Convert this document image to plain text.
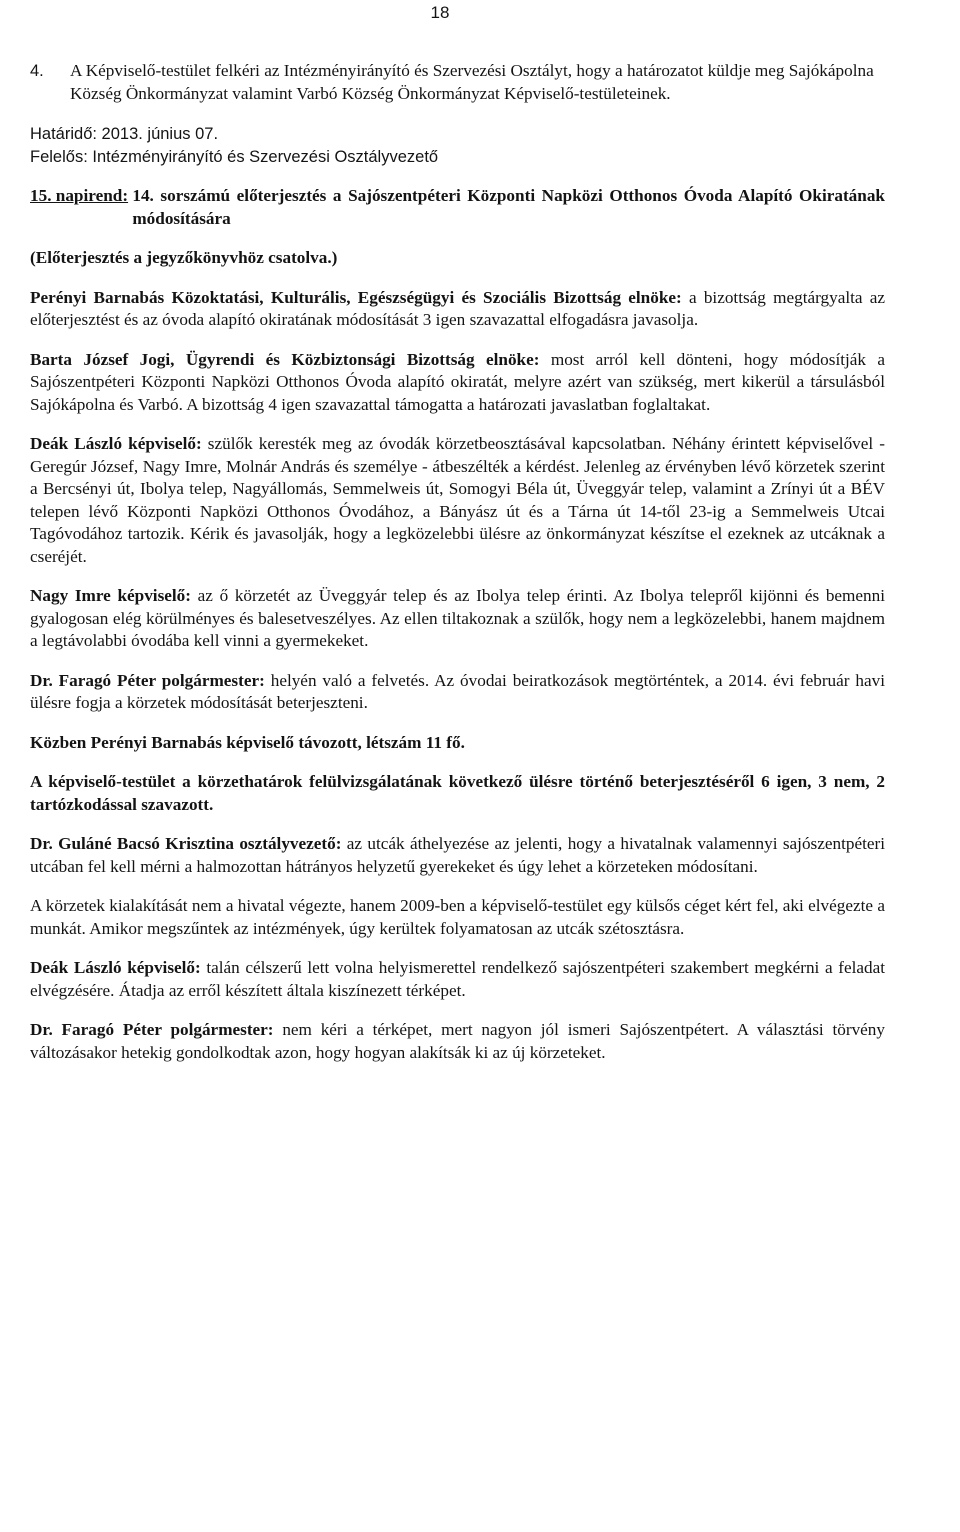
18
4.	A Képviselő-testület felkéri az Intézményirányító és Szervezési Osztályt, hogy a határozatot küldje meg Sajókápolna Község Önkormányzat valamint Varbó Község Önkormányzat Képviselő-testületeinek.

Határidő: 2013. június 07.

Felelős: Intézményirányító és Szervezési Osztályvezető

15. napirend: 14. sorszámú előterjesztés a Sajószentpéteri Központi Napközi Otthonos Óvoda Alapító Okiratának módosítására

(Előterjesztés a jegyzőkönyvhöz csatolva.)

Perényi Barnabás Közoktatási, Kulturális, Egészségügyi és Szociális Bizottság elnöke: a bizottság megtárgyalta az előterjesztést és az óvoda alapító okiratának módosítását 3 igen szavazattal elfogadásra javasolja.

Barta József Jogi, Ügyrendi és Közbiztonsági Bizottság elnöke: most arról kell dönteni, hogy módosítják a Sajószentpéteri Központi Napközi Otthonos Óvoda alapító okiratát, melyre azért van szükség, mert kikerül a társulásból Sajókápolna és Varbó. A bizottság 4 igen szavazattal támogatta a határozati javaslatban foglaltakat.

Deák László képviselő: szülők keresték meg az óvodák körzetbeosztásával kapcsolatban. Néhány érintett képviselővel - Geregúr József, Nagy Imre, Molnár András és személye - átbeszélték a kérdést. Jelenleg az érvényben lévő körzetek szerint a Bercsényi út, Ibolya telep, Nagyállomás, Semmelweis út, Somogyi Béla út, Üveggyár telep, valamint a Zrínyi út a BÉV telepen lévő Központi Napközi Otthonos Óvodához, a Bányász út és a Tárna út 14-től 23-ig a Semmelweis Utcai Tagóvodához tartozik. Kérik és javasolják, hogy a legközelebbi ülésre az önkormányzat készítse el ezeknek az utcáknak a cseréjét.

Nagy Imre képviselő: az ő körzetét az Üveggyár telep és az Ibolya telep érinti. Az Ibolya telepről kijönni és bemenni gyalogosan elég körülményes és balesetveszélyes. Az ellen tiltakoznak a szülők, hogy nem a legközelebbi, hanem majdnem a legtávolabbi óvodába kell vinni a gyermekeket.

Dr. Faragó Péter polgármester: helyén való a felvetés. Az óvodai beiratkozások megtörténtek, a 2014. évi február havi ülésre fogja a körzetek módosítását beterjeszteni.

Közben Perényi Barnabás képviselő távozott, létszám 11 fő.

A képviselő-testület a körzethatárok felülvizsgálatának következő ülésre történő beterjesztéséről 6 igen, 3 nem, 2 tartózkodással szavazott.

Dr. Guláné Bacsó Krisztina osztályvezető: az utcák áthelyezése az jelenti, hogy a hivatalnak valamennyi sajószentpéteri utcában fel kell mérni a halmozottan hátrányos helyzetű gyerekeket és úgy lehet a körzeteken módosítani.

A körzetek kialakítását nem a hivatal végezte, hanem 2009-ben a képviselő-testület egy külsős céget kért fel, aki elvégezte a munkát. Amikor megszűntek az intézmények, úgy kerültek folyamatosan az utcák szétosztásra.

Deák László képviselő: talán célszerű lett volna helyismerettel rendelkező sajószentpéteri szakembert megkérni a feladat elvégzésére. Átadja az erről készített általa kiszínezett térképet.

Dr. Faragó Péter polgármester: nem kéri a térképet, mert nagyon jól ismeri Sajószentpétert. A választási törvény változásakor hetekig gondolkodtak azon, hogy hogyan alakítsák ki az új körzeteket.
